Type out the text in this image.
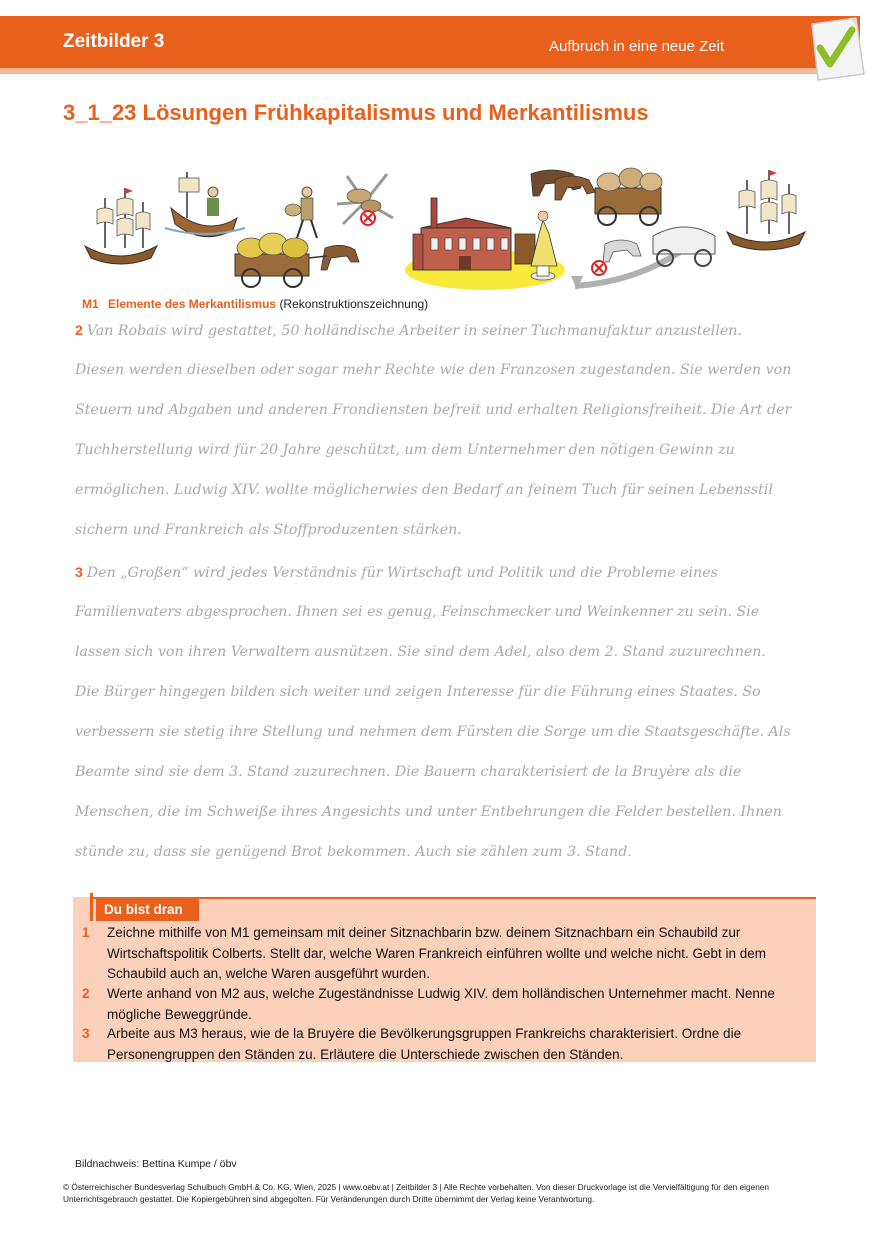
Zeitbilder 3	Aufbruch in eine neue Zeit
3_1_23 Lösungen Frühkapitalismus und Merkantilismus
M1 Elemente des Merkantilismus (Rekonstruktionszeichnung)
2 Van Robais wird gestattet, 50 holländische Arbeiter in seiner Tuchmanufaktur anzustellen.
Diesen werden dieselben oder sogar mehr Rechte wie den Franzosen zugestanden. Sie werden von
Steuern und Abgaben und anderen Frondiensten befreit und erhalten Religionsfreiheit. Die Art der
Tuchherstellung wird für 20 Jahre geschützt, um dem Unternehmer den nötigen Gewinn zu
ermöglichen. Ludwig XIV. wollte möglicherwies den Bedarf an feinem Tuch für seinen Lebensstil
sichern und Frankreich als Stoffproduzenten stärken.
3 Den „Großen“ wird jedes Verständnis für Wirtschaft und Politik und die Probleme eines
Familienvaters abgesprochen. Ihnen sei es genug, Feinschmecker und Weinkenner zu sein. Sie
lassen sich von ihren Verwaltern ausnützen. Sie sind dem Adel, also dem 2. Stand zuzurechnen.
Die Bürger hingegen bilden sich weiter und zeigen Interesse für die Führung eines Staates. So
verbessern sie stetig ihre Stellung und nehmen dem Fürsten die Sorge um die Staatsgeschäfte. Als
Beamte sind sie dem 3. Stand zuzurechnen. Die Bauern charakterisiert de la Bruyère als die
Menschen, die im Schweiße ihres Angesichts und unter Entbehrungen die Felder bestellen. Ihnen
stünde zu, dass sie genügend Brot bekommen. Auch sie zählen zum 3. Stand.
Du bist dran
1 Zeichne mithilfe von M1 gemeinsam mit deiner Sitznachbarin bzw. deinem Sitznachbarn ein Schaubild zur Wirtschaftspolitik Colberts. Stellt dar, welche Waren Frankreich einführen wollte und welche nicht. Gebt in dem Schaubild auch an, welche Waren ausgeführt wurden.
2 Werte anhand von M2 aus, welche Zugeständnisse Ludwig XIV. dem holländischen Unternehmer macht. Nenne mögliche Beweggründe.
3 Arbeite aus M3 heraus, wie de la Bruyère die Bevölkerungsgruppen Frankreichs charakterisiert. Ordne die Personengruppen den Ständen zu. Erläutere die Unterschiede zwischen den Ständen.
Bildnachweis: Bettina Kumpe / öbv
© Österreichischer Bundesverlag Schulbuch GmbH & Co. KG, Wien, 2025 | www.oebv.at | Zeitbilder 3 | Alle Rechte vorbehalten. Von dieser Druckvorlage ist die Vervielfältigung für den eigenen Unterrichtsgebrauch gestattet. Die Kopiergebühren sind abgegolten. Für Veränderungen durch Dritte übernimmt der Verlag keine Verantwortung.
